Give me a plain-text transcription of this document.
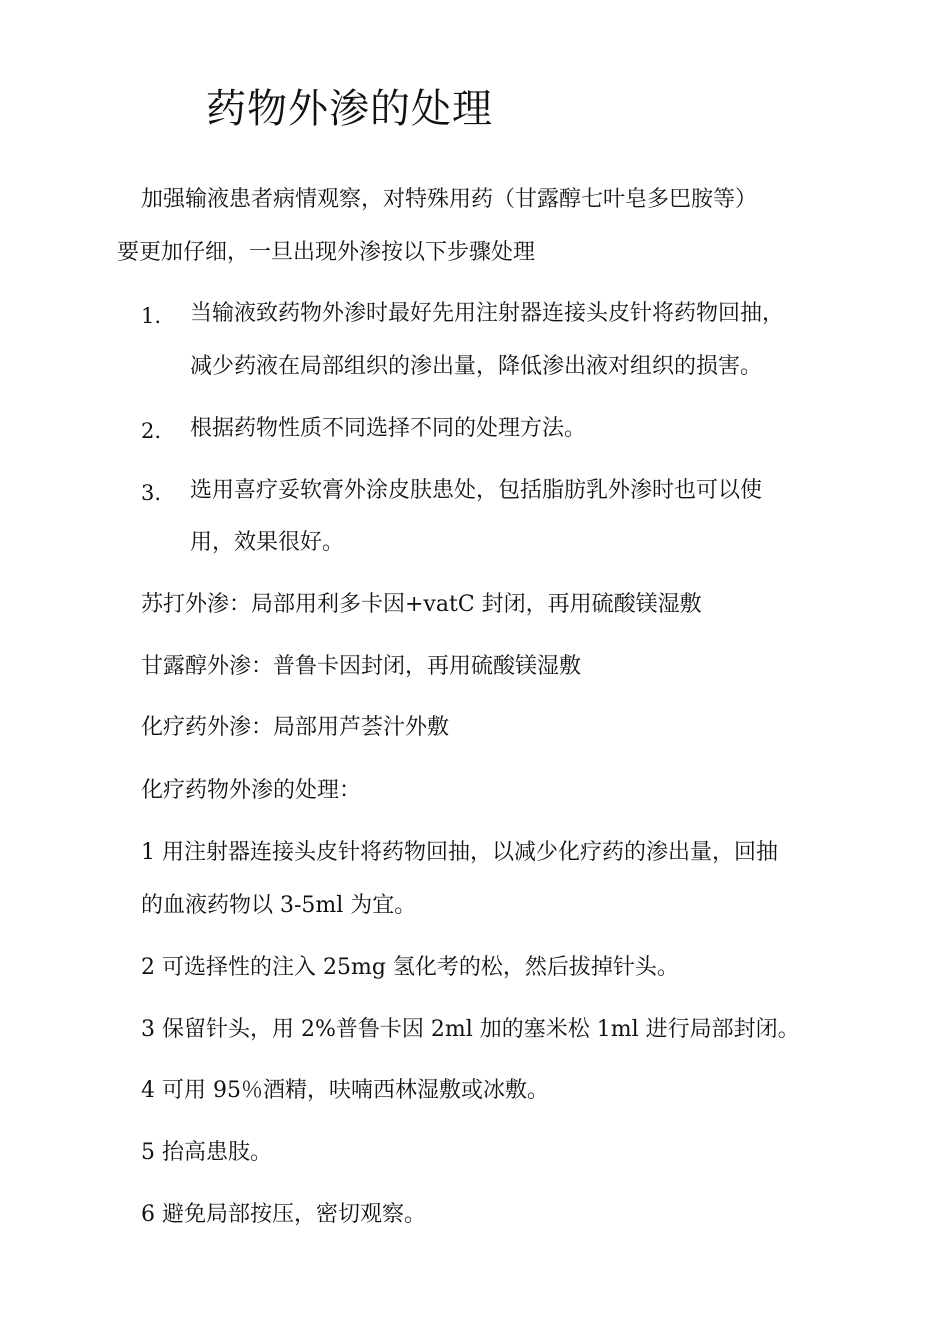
药物外渗的处理
加强输液患者病情观察，对特殊用药（甘露醇七叶皂多巴胺等）
要更加仔细，一旦出现外渗按以下步骤处理
1. 当输液致药物外渗时最好先用注射器连接头皮针将药物回抽，
减少药液在局部组织的渗出量，降低渗出液对组织的损害。
2. 根据药物性质不同选择不同的处理方法。
3. 选用喜疗妥软膏外涂皮肤患处，包括脂肪乳外渗时也可以使
用，效果很好。
苏打外渗：局部用利多卡因+vatC 封闭，再用硫酸镁湿敷
甘露醇外渗：普鲁卡因封闭，再用硫酸镁湿敷
化疗药外渗：局部用芦荟汁外敷
化疗药物外渗的处理：
1 用注射器连接头皮针将药物回抽，以减少化疗药的渗出量，回抽
的血液药物以 3-5ml 为宜。
2 可选择性的注入 25mg 氢化考的松，然后拔掉针头。
3 保留针头，用 2%普鲁卡因 2ml 加的塞米松 1ml 进行局部封闭。
4 可用 95％酒精，呋喃西林湿敷或冰敷。
5 抬高患肢。
6 避免局部按压，密切观察。
